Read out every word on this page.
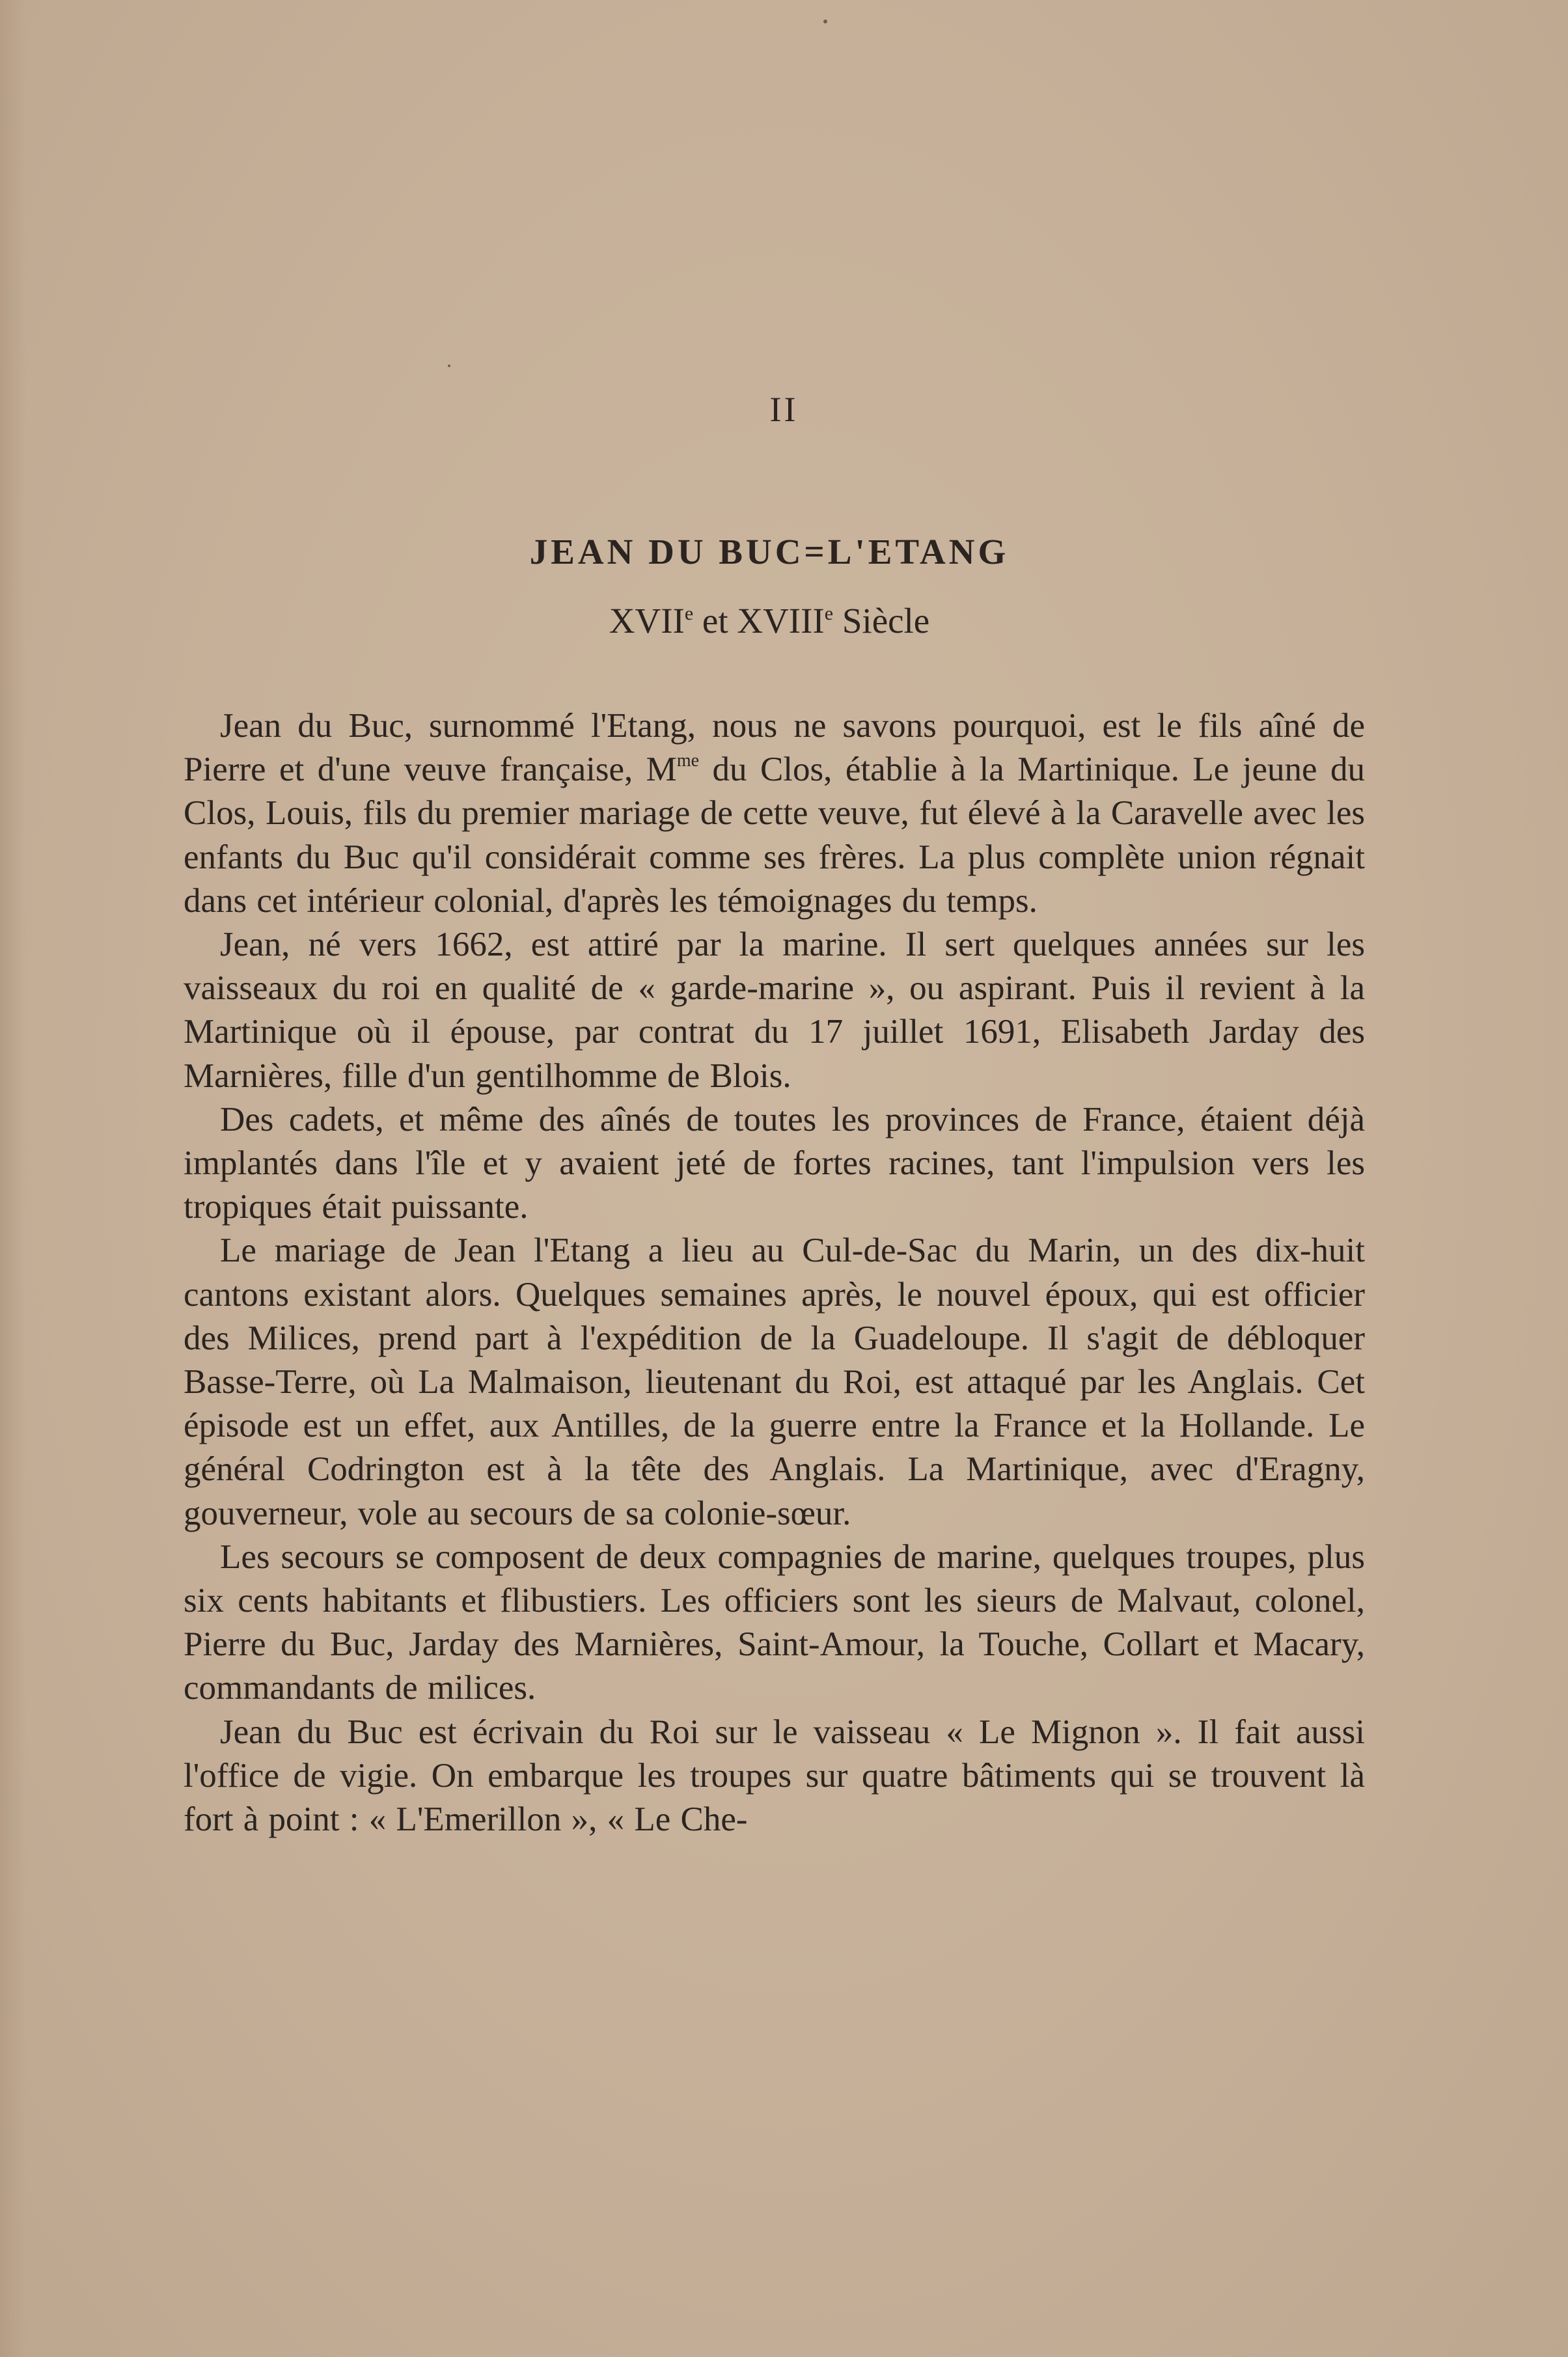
II
JEAN DU BUC=L'ETANG
XVIIe et XVIIIe Siècle

Jean du Buc, surnommé l'Etang, nous ne savons pourquoi, est le fils aîné de Pierre et d'une veuve française, $M^{me}$ du Clos, établie à la Martinique. Le jeune du Clos, Louis, fils du premier mariage de cette veuve, fut élevé à la Caravelle avec les enfants du Buc qu'il considérait comme ses frères. La plus complète union régnait dans cet intérieur colonial, d'après les témoignages du temps.

Jean, né vers 1662, est attiré par la marine. Il sert quelques années sur les vaisseaux du roi en qualité de « garde-marine », ou aspirant. Puis il revient à la Martinique où il épouse, par contrat du 17 juillet 1691, Elisabeth Jarday des Marnières, fille d'un gentilhomme de Blois.

Des cadets, et même des aînés de toutes les provinces de France, étaient déjà implantés dans l'île et y avaient jeté de fortes racines, tant l'impulsion vers les tropiques était puissante.

Le mariage de Jean l'Etang a lieu au Cul-de-Sac du Marin, un des dix-huit cantons existant alors. Quelques semaines après, le nouvel époux, qui est officier des Milices, prend part à l'expédition de la Guadeloupe. Il s'agit de débloquer Basse-Terre, où La Malmaison, lieutenant du Roi, est attaqué par les Anglais. Cet épisode est un effet, aux Antilles, de la guerre entre la France et la Hollande. Le général Codrington est à la tête des Anglais. La Martinique, avec d'Eragny, gouverneur, vole au secours de sa colonie-sœur.

Les secours se composent de deux compagnies de marine, quelques troupes, plus six cents habitants et flibustiers. Les officiers sont les sieurs de Malvaut, colonel, Pierre du Buc, Jarday des Marnières, Saint-Amour, la Touche, Collart et Macary, commandants de milices.

Jean du Buc est écrivain du Roi sur le vaisseau « Le Mignon ». Il fait aussi l'office de vigie. On embarque les troupes sur quatre bâtiments qui se trouvent là fort à point : « L'Emerillon », « Le Che-
